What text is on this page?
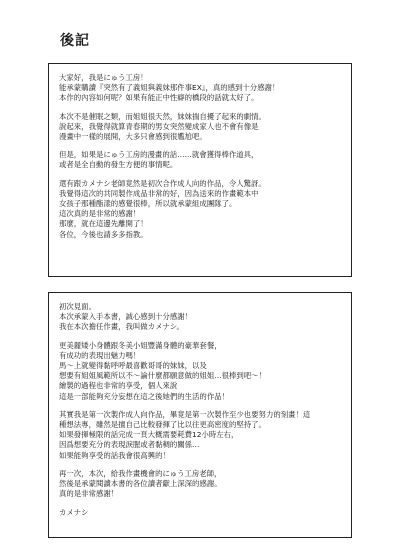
後記
大家好，我是にゅう工房！
能承蒙購讀『突然有了義姐與義妹那件事EX』，真的感到十分感謝！
本作的內容如何呢？如果有能正中性癖的橋段的話就太好了。
本次不是催眠之類，而姐姐很天然，妹妹揣自擾了起來的劇情。
說起來，我覺得就算青春期的男女突然變成家人也不會有像是
漫畫中一樣的展開，大多只會感到很尷尬吧。
但是，如果是にゅう工房的漫畫的話……就會獲得棒作道具，
或者是全自動的發生方便的事情呢。
還有跟カメナシ老師竟然是初次合作成人向的作品，令人驚訝。
我覺得這次的共同製作成品非常的好，因為送來的作畫範本中
女孩子那種酯漾的感覺很棒，所以就承蒙組成團隊了。
這次真的是非常的感謝！
那麼，就在這邊先離開了！
各位，今後也請多多指教。
初次見面。
本次承蒙入手本書，誠心感到十分感謝！
我在本次擔任作畫，我叫做カメナシ。
更美麗矮小身體跟冬美小姐豐滿身體的豪華套餐，
有成功的表現出魅力嗎！
馬〜上就變得黏呼呼最喜歡哥哥的妹妹，以及
想要有姐姐風範所以不〜論什麼都願意做的姐姐…很棒到吧〜！
繪製的過程也非常的享受，個人來說
這是一部能夠充分妄想在這之後她們的生活的作品！
其實我是第一次製作成人向作品，畢竟是第一次製作至少也要努力的刻畫！這
種想法專，雖然是擅自己比較發揮了比以往更高密度的堅持了。
如果發揮極限的話完成一頁大概需要耗費12小時左右，
因爲想要充分的表現淚腥或者黏稠的關係…
如果能夠享受的話我會很高興的！
再一次，本次，給我作畫機會的にゅう工房老師，
然後是承蒙閱讀本書的各位讀者獻上深深的感謝。
真的是非常感謝！
カメナシ
